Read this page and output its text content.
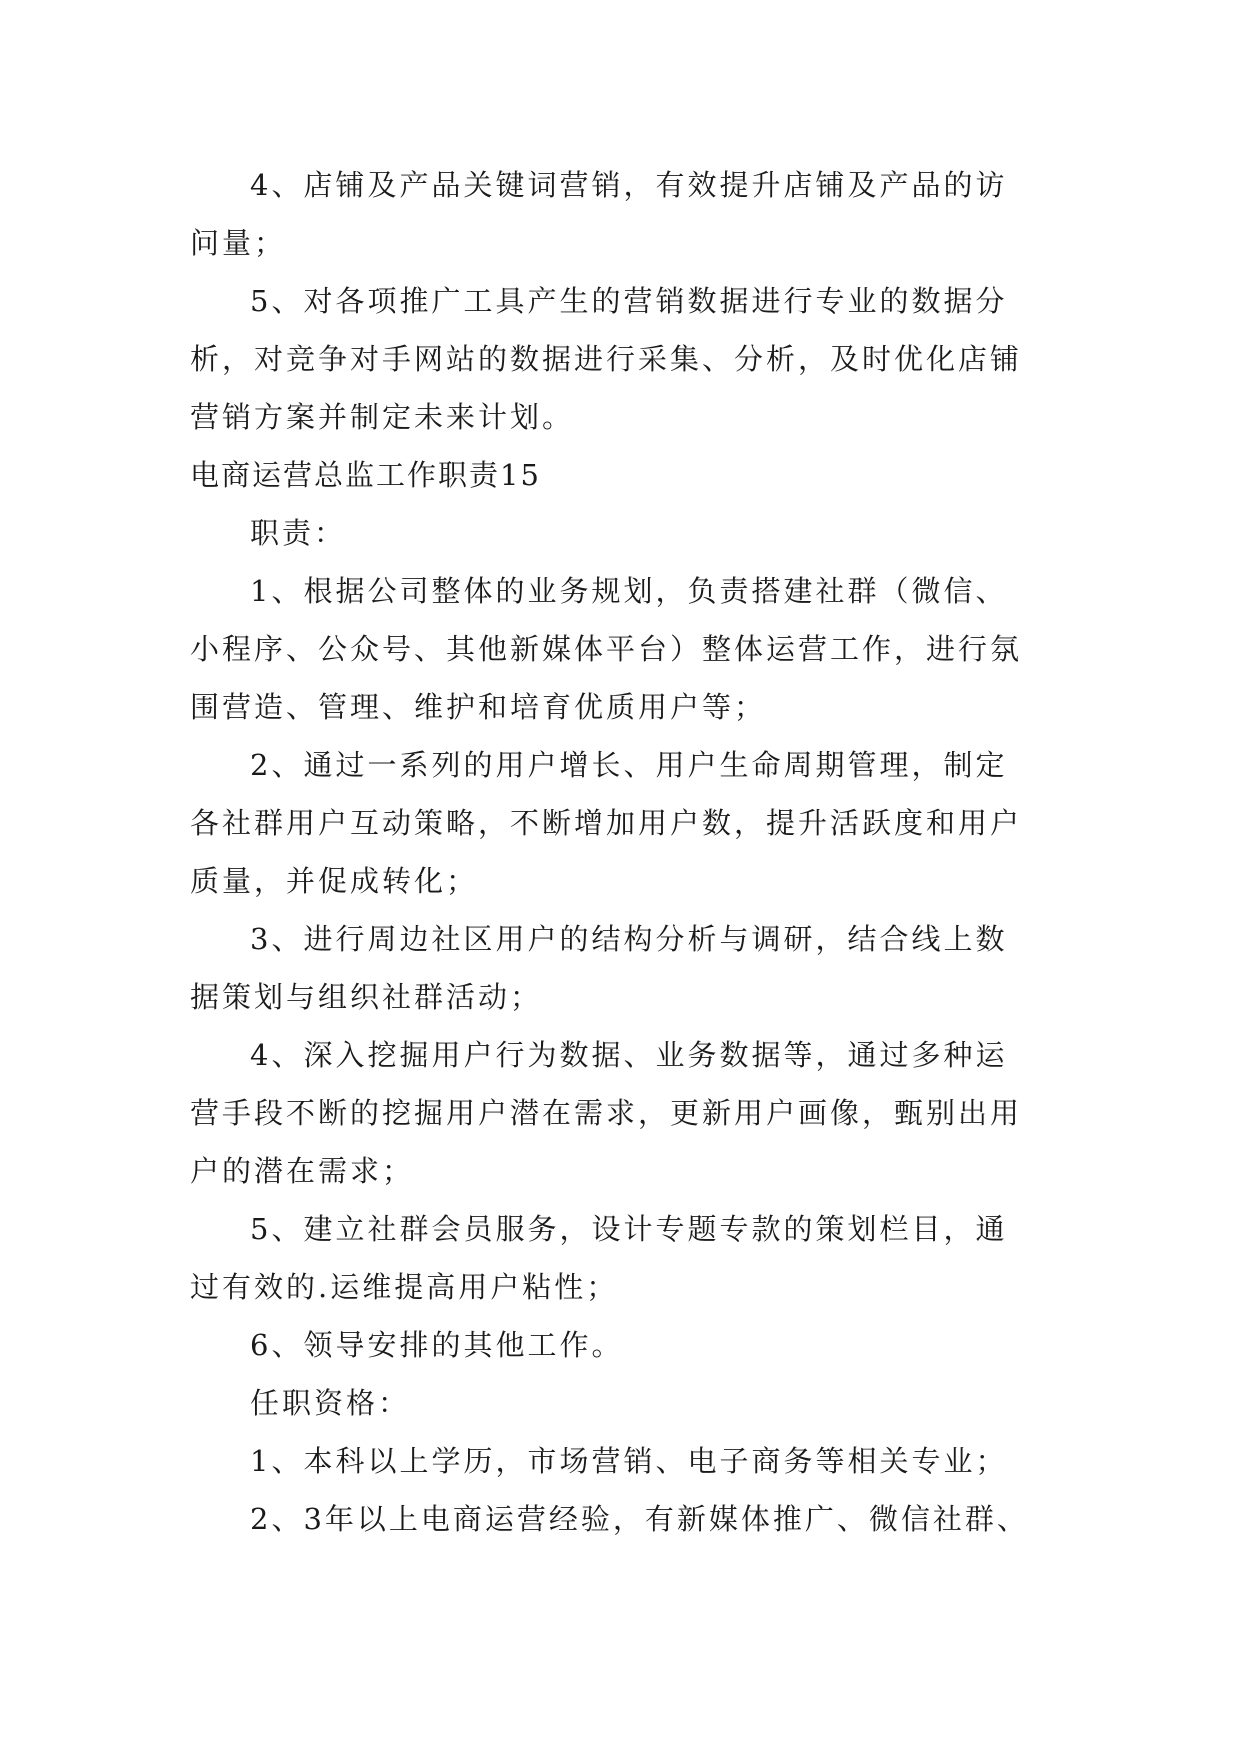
4、店铺及产品关键词营销，有效提升店铺及产品的访
问量；
5、对各项推广工具产生的营销数据进行专业的数据分
析，对竞争对手网站的数据进行采集、分析，及时优化店铺
营销方案并制定未来计划。
电商运营总监工作职责15
职责：
1、根据公司整体的业务规划，负责搭建社群（微信、
小程序、公众号、其他新媒体平台）整体运营工作，进行氛
围营造、管理、维护和培育优质用户等；
2、通过一系列的用户增长、用户生命周期管理，制定
各社群用户互动策略，不断增加用户数，提升活跃度和用户
质量，并促成转化；
3、进行周边社区用户的结构分析与调研，结合线上数
据策划与组织社群活动；
4、深入挖掘用户行为数据、业务数据等，通过多种运
营手段不断的挖掘用户潜在需求，更新用户画像，甄别出用
户的潜在需求；
5、建立社群会员服务，设计专题专款的策划栏目，通
过有效的.运维提高用户粘性；
6、领导安排的其他工作。
任职资格：
1、本科以上学历，市场营销、电子商务等相关专业；
2、3年以上电商运营经验，有新媒体推广、微信社群、
